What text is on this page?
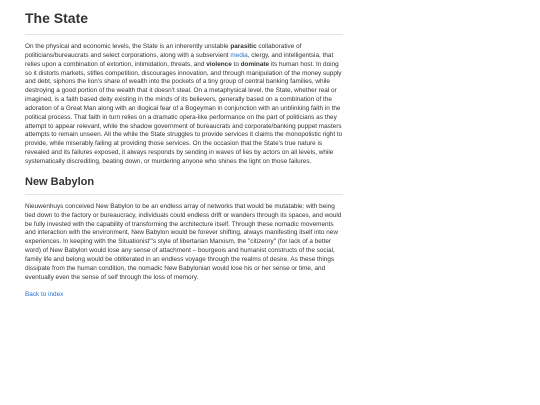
The State

On the physical and economic levels, the State is an inherently unstable parasitic collaborative of politicians/bureaucrats and select corporations, along with a subservient media, clergy, and intelligentsia, that relies upon a combination of extortion, intimidation, threats, and violence to dominate its human host. In doing so it distorts markets, stifles competition, discourages innovation, and through manipulation of the money supply and debt, siphons the lion's share of wealth into the pockets of a tiny group of central banking families, while destroying a good portion of the wealth that it doesn't steal. On a metaphysical level, the State, whether real or imagined, is a faith based deity existing in the minds of its believers, generally based on a combination of the adoration of a Great Man along with an illogical fear of a Bogeyman in conjunction with an unblinking faith in the political process. That faith in turn relies on a dramatic opera-like performance on the part of politicians as they attempt to appear relevant, while the shadow government of bureaucrats and corporate/banking puppet masters attempts to remain unseen. All the while the State struggles to provide services it claims the monopolistic right to provide, while miserably failing at providing those services. On the occasion that the State's true nature is revealed and its failures exposed, it always responds by sending in waves of lies by actors on all levels, while systematically discrediting, beating down, or murdering anyone who shines the light on those failures.

New Babylon

Nieuwenhuys conceived New Babylon to be an endless array of networks that would be mutatable: with being tied down to the factory or bureaucracy, individuals could endless drift or wanders through its spaces, and would be fully invested with the capability of transforming the architecture itself. Through these nomadic movements and interaction with the environment, New Babylon would be forever shifting, always manifesting itself into new experiences. In keeping with the Situationist"'s style of libertarian Marxism, the "citizenry" (for lack of a better word) of New Babylon would lose any sense of attachment – bourgeois and humanist constructs of the social, family life and belong would be obliterated in an endless voyage through the realms of desire. As these things dissipate from the human condition, the nomadic New Babylonian would lose his or her sense or time, and eventually even the sense of self through the loss of memory.

Back to index
